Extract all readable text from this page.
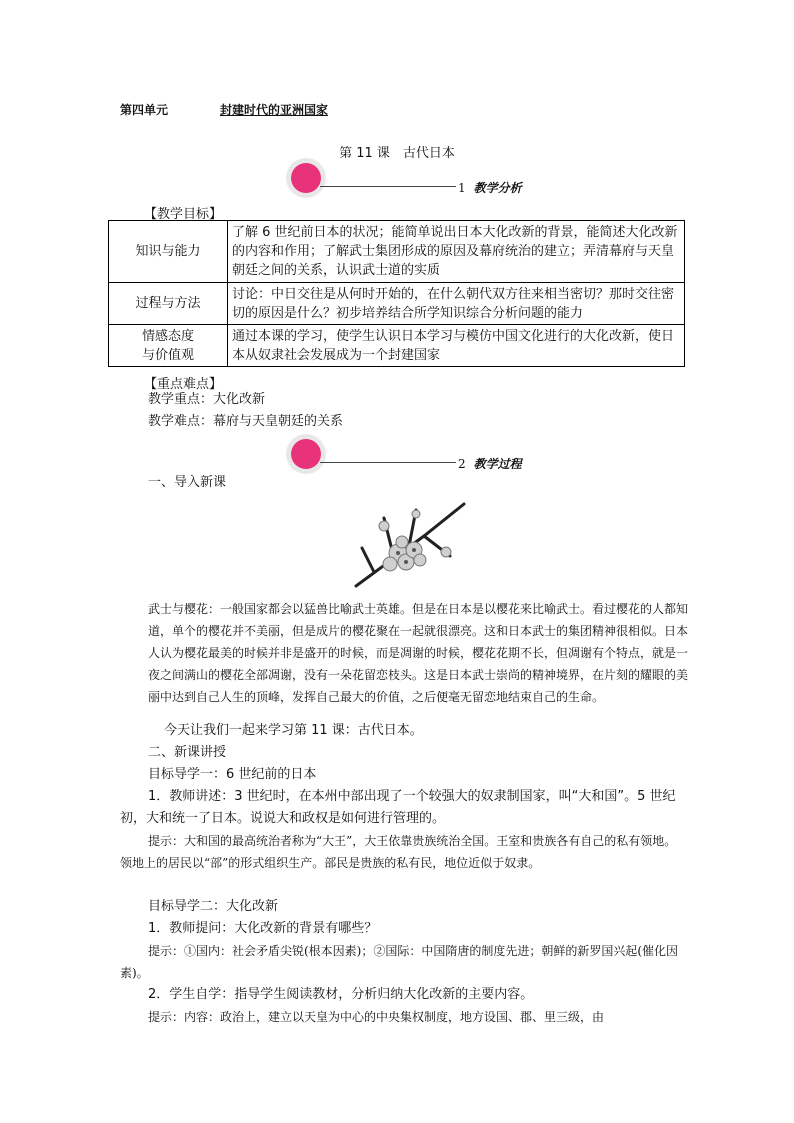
第四单元	封建时代的亚洲国家
第 11 课　古代日本
1 教学分析
【教学目标】
知识与能力	了解 6 世纪前日本的状况；能简单说出日本大化改新的背景，能简述大化改新的内容和作用；了解武士集团形成的原因及幕府统治的建立；弄清幕府与天皇朝廷之间的关系，认识武士道的实质
过程与方法	讨论：中日交往是从何时开始的，在什么朝代双方往来相当密切？那时交往密切的原因是什么？初步培养结合所学知识综合分析问题的能力
情感态度
与价值观	通过本课的学习，使学生认识日本学习与模仿中国文化进行的大化改新，使日本从奴隶社会发展成为一个封建国家
【重点难点】
教学重点：大化改新
教学难点：幕府与天皇朝廷的关系
2 教学过程
一、导入新课
武士与樱花：一般国家都会以猛兽比喻武士英雄。但是在日本是以樱花来比喻武士。看过樱花的人都知道，单个的樱花并不美丽，但是成片的樱花聚在一起就很漂亮。这和日本武士的集团精神很相似。日本人认为樱花最美的时候并非是盛开的时候，而是凋谢的时候，樱花花期不长，但凋谢有个特点，就是一夜之间满山的樱花全部凋谢，没有一朵花留恋枝头。这是日本武士崇尚的精神境界，在片刻的耀眼的美丽中达到自己人生的顶峰，发挥自己最大的价值，之后便毫无留恋地结束自己的生命。
今天让我们一起来学习第 11 课：古代日本。
二、新课讲授
目标导学一：6 世纪前的日本
1．教师讲述：3 世纪时，在本州中部出现了一个较强大的奴隶制国家，叫“大和国”。5 世纪初，大和统一了日本。说说大和政权是如何进行管理的。
提示：大和国的最高统治者称为“大王”，大王依靠贵族统治全国。王室和贵族各有自己的私有领地。领地上的居民以“部”的形式组织生产。部民是贵族的私有民，地位近似于奴隶。
目标导学二：大化改新
1．教师提问：大化改新的背景有哪些？
提示：①国内：社会矛盾尖锐(根本因素)；②国际：中国隋唐的制度先进；朝鲜的新罗国兴起(催化因素)。
2．学生自学：指导学生阅读教材，分析归纳大化改新的主要内容。
提示：内容：政治上，建立以天皇为中心的中央集权制度，地方设国、郡、里三级，由
